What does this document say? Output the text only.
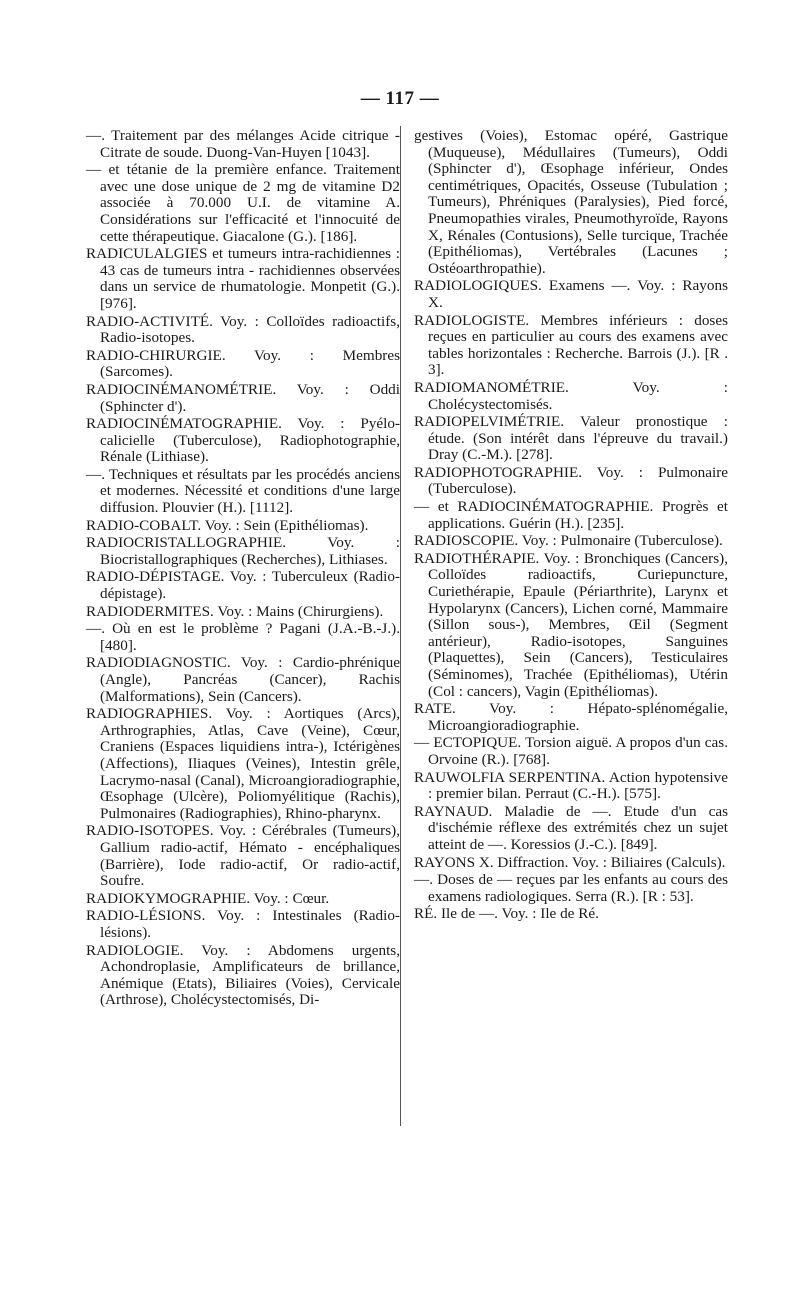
— 117 —

—. Traitement par des mélanges Acide citrique - Citrate de soude. Duong-Van-Huyen [1043].

— et tétanie de la première enfance. Traitement avec une dose unique de 2 mg de vitamine D2 associée à 70.000 U.I. de vitamine A. Considérations sur l'efficacité et l'innocuité de cette thérapeutique. Giacalone (G.). [186].

RADICULALGIES et tumeurs intra-rachidiennes : 43 cas de tumeurs intra - rachidiennes observées dans un service de rhumatologie. Monpetit (G.). [976].

RADIO-ACTIVITÉ. Voy. : Colloïdes radioactifs, Radio-isotopes.

RADIO-CHIRURGIE. Voy. : Membres (Sarcomes).

RADIOCINÉMANOMÉTRIE. Voy. : Oddi (Sphincter d').

RADIOCINÉMATOGRAPHIE. Voy. : Pyélo-calicielle (Tuberculose), Radiophotographie, Rénale (Lithiase).

—. Techniques et résultats par les procédés anciens et modernes. Nécessité et conditions d'une large diffusion. Plouvier (H.). [1112].

RADIO-COBALT. Voy. : Sein (Epithéliomas).

RADIOCRISTALLOGRAPHIE. Voy. : Biocristallographiques (Recherches), Lithiases.

RADIO-DÉPISTAGE. Voy. : Tuberculeux (Radio-dépistage).

RADIODERMITES. Voy. : Mains (Chirurgiens).

—. Où en est le problème ? Pagani (J.A.-B.-J.). [480].

RADIODIAGNOSTIC. Voy. : Cardio-phrénique (Angle), Pancréas (Cancer), Rachis (Malformations), Sein (Cancers).

RADIOGRAPHIES. Voy. : Aortiques (Arcs), Arthrographies, Atlas, Cave (Veine), Cœur, Craniens (Espaces liquidiens intra-), Ictérigènes (Affections), Iliaques (Veines), Intestin grêle, Lacrymo-nasal (Canal), Microangioradiographie, Œsophage (Ulcère), Poliomyélitique (Rachis), Pulmonaires (Radiographies), Rhino-pharynx.

RADIO-ISOTOPES. Voy. : Cérébrales (Tumeurs), Gallium radio-actif, Hémato - encéphaliques (Barrière), Iode radio-actif, Or radio-actif, Soufre.

RADIOKYMOGRAPHIE. Voy. : Cœur.

RADIO-LÉSIONS. Voy. : Intestinales (Radio-lésions).

RADIOLOGIE. Voy. : Abdomens urgents, Achondroplasie, Amplificateurs de brillance, Anémique (Etats), Biliaires (Voies), Cervicale (Arthrose), Cholécystectomisés, Di-

gestives (Voies), Estomac opéré, Gastrique (Muqueuse), Médullaires (Tumeurs), Oddi (Sphincter d'), Œsophage inférieur, Ondes centimétriques, Opacités, Osseuse (Tubulation ; Tumeurs), Phréniques (Paralysies), Pied forcé, Pneumopathies virales, Pneumothyroïde, Rayons X, Rénales (Contusions), Selle turcique, Trachée (Epithéliomas), Vertébrales (Lacunes ; Ostéoarthropathie).

RADIOLOGIQUES. Examens —. Voy. : Rayons X.

RADIOLOGISTE. Membres inférieurs : doses reçues en particulier au cours des examens avec tables horizontales : Recherche. Barrois (J.). [R . 3].

RADIOMANOMÉTRIE. Voy. : Cholécystectomisés.

RADIOPELVIMÉTRIE. Valeur pronostique : étude. (Son intérêt dans l'épreuve du travail.) Dray (C.-M.). [278].

RADIOPHOTOGRAPHIE. Voy. : Pulmonaire (Tuberculose).

— et RADIOCINÉMATOGRAPHIE. Progrès et applications. Guérin (H.). [235].

RADIOSCOPIE. Voy. : Pulmonaire (Tuberculose).

RADIOTHÉRAPIE. Voy. : Bronchiques (Cancers), Colloïdes radioactifs, Curiepuncture, Curiethérapie, Epaule (Périarthrite), Larynx et Hypolarynx (Cancers), Lichen corné, Mammaire (Sillon sous-), Membres, Œil (Segment antérieur), Radio-isotopes, Sanguines (Plaquettes), Sein (Cancers), Testiculaires (Séminomes), Trachée (Epithéliomas), Utérin (Col : cancers), Vagin (Epithéliomas).

RATE. Voy. : Hépato-splénomégalie, Microangioradiographie.

— ECTOPIQUE. Torsion aiguë. A propos d'un cas. Orvoine (R.). [768].

RAUWOLFIA SERPENTINA. Action hypotensive : premier bilan. Perraut (C.-H.). [575].

RAYNAUD. Maladie de —. Etude d'un cas d'ischémie réflexe des extrémités chez un sujet atteint de —. Koressios (J.-C.). [849].

RAYONS X. Diffraction. Voy. : Biliaires (Calculs).

—. Doses de — reçues par les enfants au cours des examens radiologiques. Serra (R.). [R : 53].

RÉ. Ile de —. Voy. : Ile de Ré.
